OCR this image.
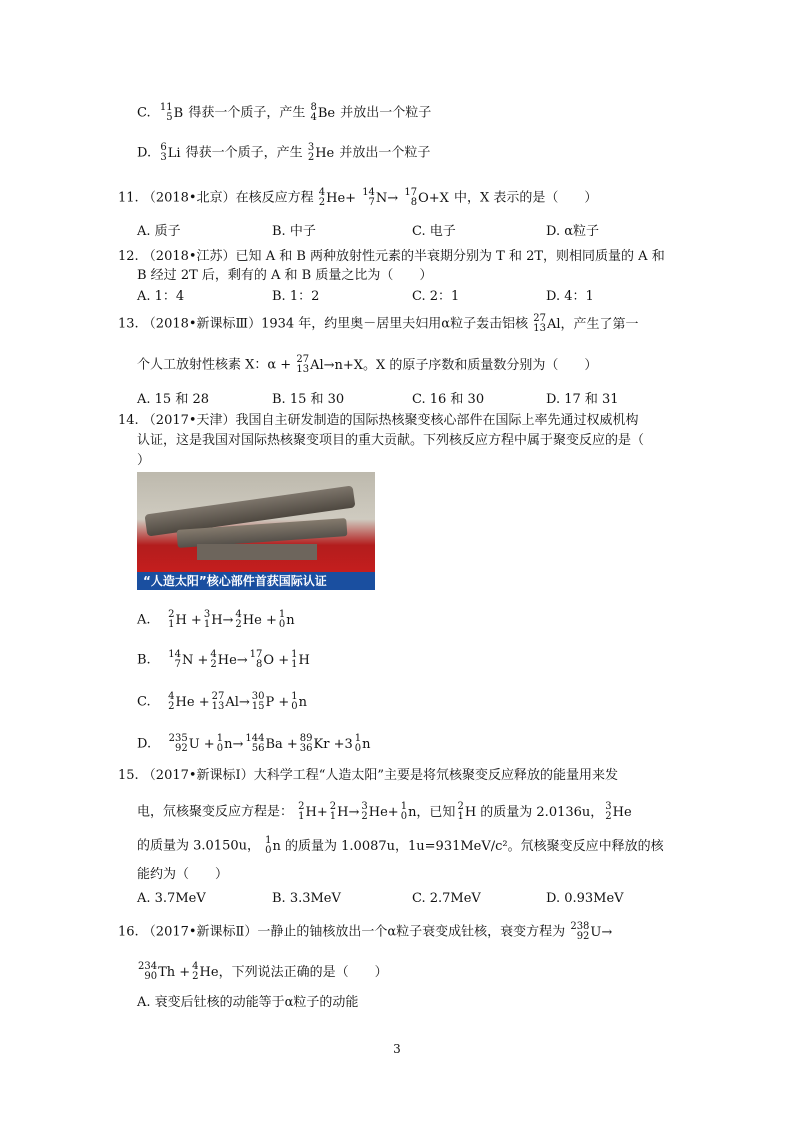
C. 11
5 B 得获一个质子，产生 8
4 Be 并放出一个粒子
D. 6
3 Li 得获一个质子，产生 3
2 He 并放出一个粒子
11. （2018•北京）在核反应方程 4
2 He+ 14
7 N→ 17
8 O+X 中，X 表示的是（　　）
A. 质子	B. 中子	C. 电子	D. α粒子
12. （2018•江苏）已知 A 和 B 两种放射性元素的半衰期分别为 T 和 2T，则相同质量的 A 和
B 经过 2T 后，剩有的 A 和 B 质量之比为（　　）
A. 1：4	B. 1：2	C. 2：1	D. 4：1
13. （2018•新课标Ⅲ）1934 年，约里奥－居里夫妇用α粒子轰击铝核 27
13 Al，产生了第一
个人工放射性核素 X：α + 27
13 Al→n+X。X 的原子序数和质量数分别为（　　）
A. 15 和 28	B. 15 和 30	C. 16 和 30	D. 17 和 31
14. （2017•天津）我国自主研发制造的国际热核聚变核心部件在国际上率先通过权威机构
认证，这是我国对国际热核聚变项目的重大贡献。下列核反应方程中属于聚变反应的是（
）
“人造太阳”核心部件首获国际认证
A. 2
1 H + 3
1 H→ 4
2 He + 1
0 n
B. 14
7 N + 4
2 He→ 17
8 O + 1
1 H
C. 4
2 He + 27
13 Al→ 30
15 P + 1
0 n
D. 235
92 U + 1
0 n→ 144
56 Ba + 89
36 Kr +3 1
0 n
15. （2017•新课标Ⅰ）大科学工程“人造太阳”主要是将氘核聚变反应释放的能量用来发
电，氘核聚变反应方程是： 2
1 H+ 2
1 H→ 3
2 He+ 1
0 n，已知 2
1 H 的质量为 2.0136u， 3
2 He
的质量为 3.0150u， 1
0 n 的质量为 1.0087u，1u=931MeV/c²。氘核聚变反应中释放的核
能约为（　　）
A. 3.7MeV	B. 3.3MeV	C. 2.7MeV	D. 0.93MeV
16. （2017•新课标Ⅱ）一静止的铀核放出一个α粒子衰变成钍核，衰变方程为 238
92 U→
234
90 Th + 4
2 He，下列说法正确的是（　　）
A. 衰变后钍核的动能等于α粒子的动能
3
